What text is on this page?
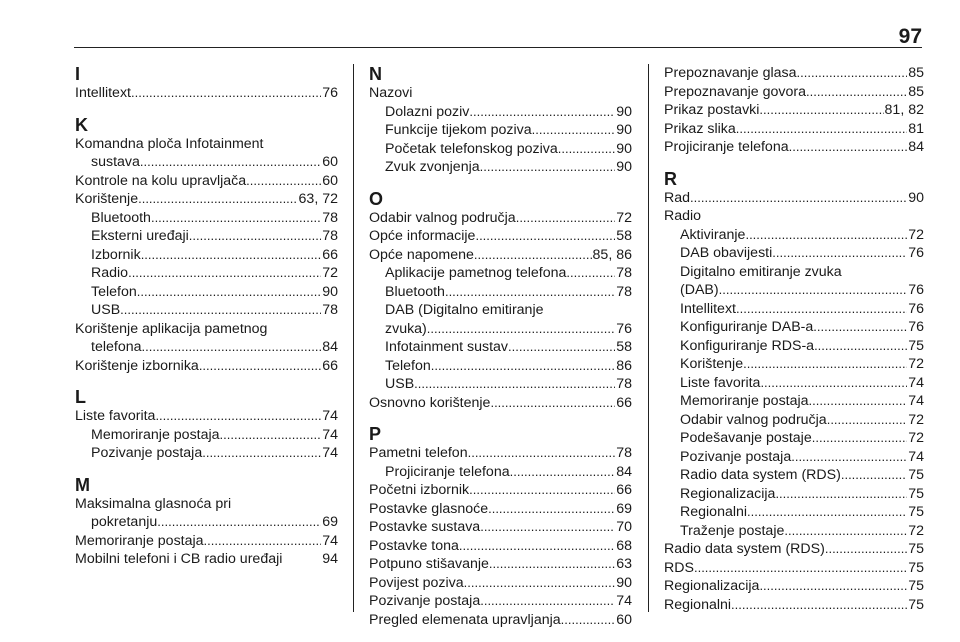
97
I
Intellitext .....	76
K
Komandna ploča Infotainment
sustava .....	60
Kontrole na kolu upravljača .....	60
Korištenje .....	63, 72
Bluetooth .....	78
Eksterni uređaji .....	78
Izbornik .....	66
Radio .....	72
Telefon .....	90
USB .....	78
Korištenje aplikacija pametnog
telefona .....	84
Korištenje izbornika .....	66
L
Liste favorita .....	74
Memoriranje postaja .....	74
Pozivanje postaja .....	74
M
Maksimalna glasnoća pri
pokretanju .....	69
Memoriranje postaja .....	74
Mobilni telefoni i CB radio uređaji	94
N
Nazovi
Dolazni poziv .....	90
Funkcije tijekom poziva .....	90
Početak telefonskog poziva .....	90
Zvuk zvonjenja .....	90
O
Odabir valnog područja .....	72
Opće informacije .....	58
Opće napomene .....	85, 86
Aplikacije pametnog telefona .....	78
Bluetooth .....	78
DAB (Digitalno emitiranje
zvuka) .....	76
Infotainment sustav .....	58
Telefon .....	86
USB .....	78
Osnovno korištenje .....	66
P
Pametni telefon .....	78
Projiciranje telefona .....	84
Početni izbornik .....	66
Postavke glasnoće .....	69
Postavke sustava .....	70
Postavke tona .....	68
Potpuno stišavanje .....	63
Povijest poziva .....	90
Pozivanje postaja .....	74
Pregled elemenata upravljanja .....	60
Prepoznavanje glasa .....	85
Prepoznavanje govora .....	85
Prikaz postavki .....	81, 82
Prikaz slika .....	81
Projiciranje telefona .....	84
R
Rad .....	90
Radio
Aktiviranje .....	72
DAB obavijesti .....	76
Digitalno emitiranje zvuka
(DAB) .....	76
Intellitext .....	76
Konfiguriranje DAB-a .....	76
Konfiguriranje RDS-a .....	75
Korištenje .....	72
Liste favorita .....	74
Memoriranje postaja .....	74
Odabir valnog područja .....	72
Podešavanje postaje .....	72
Pozivanje postaja .....	74
Radio data system (RDS) .....	75
Regionalizacija .....	75
Regionalni .....	75
Traženje postaje .....	72
Radio data system (RDS) .....	75
RDS .....	75
Regionalizacija .....	75
Regionalni .....	75
